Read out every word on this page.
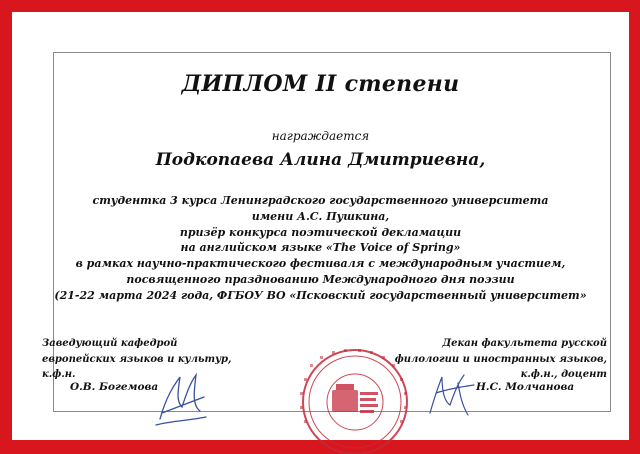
ДИПЛОМ II степени
награждается
Подкопаева Алина Дмитриевна,
студентка 3 курса Ленинградского государственного университета
имени А.С. Пушкина,
призёр конкурса поэтической декламации
на английском языке «The Voice of Spring»
в рамках научно-практического фестиваля с международным участием,
посвященного празднованию Международного дня поэзии
(21-22 марта 2024 года, ФГБОУ ВО «Псковский государственный университет»
Заведующий кафедрой
европейских языков и культур,
к.ф.н.
О.В. Богемова
Декан факультета русской
филологии и иностранных языков,
к.ф.н., доцент
Н.С. Молчанова
